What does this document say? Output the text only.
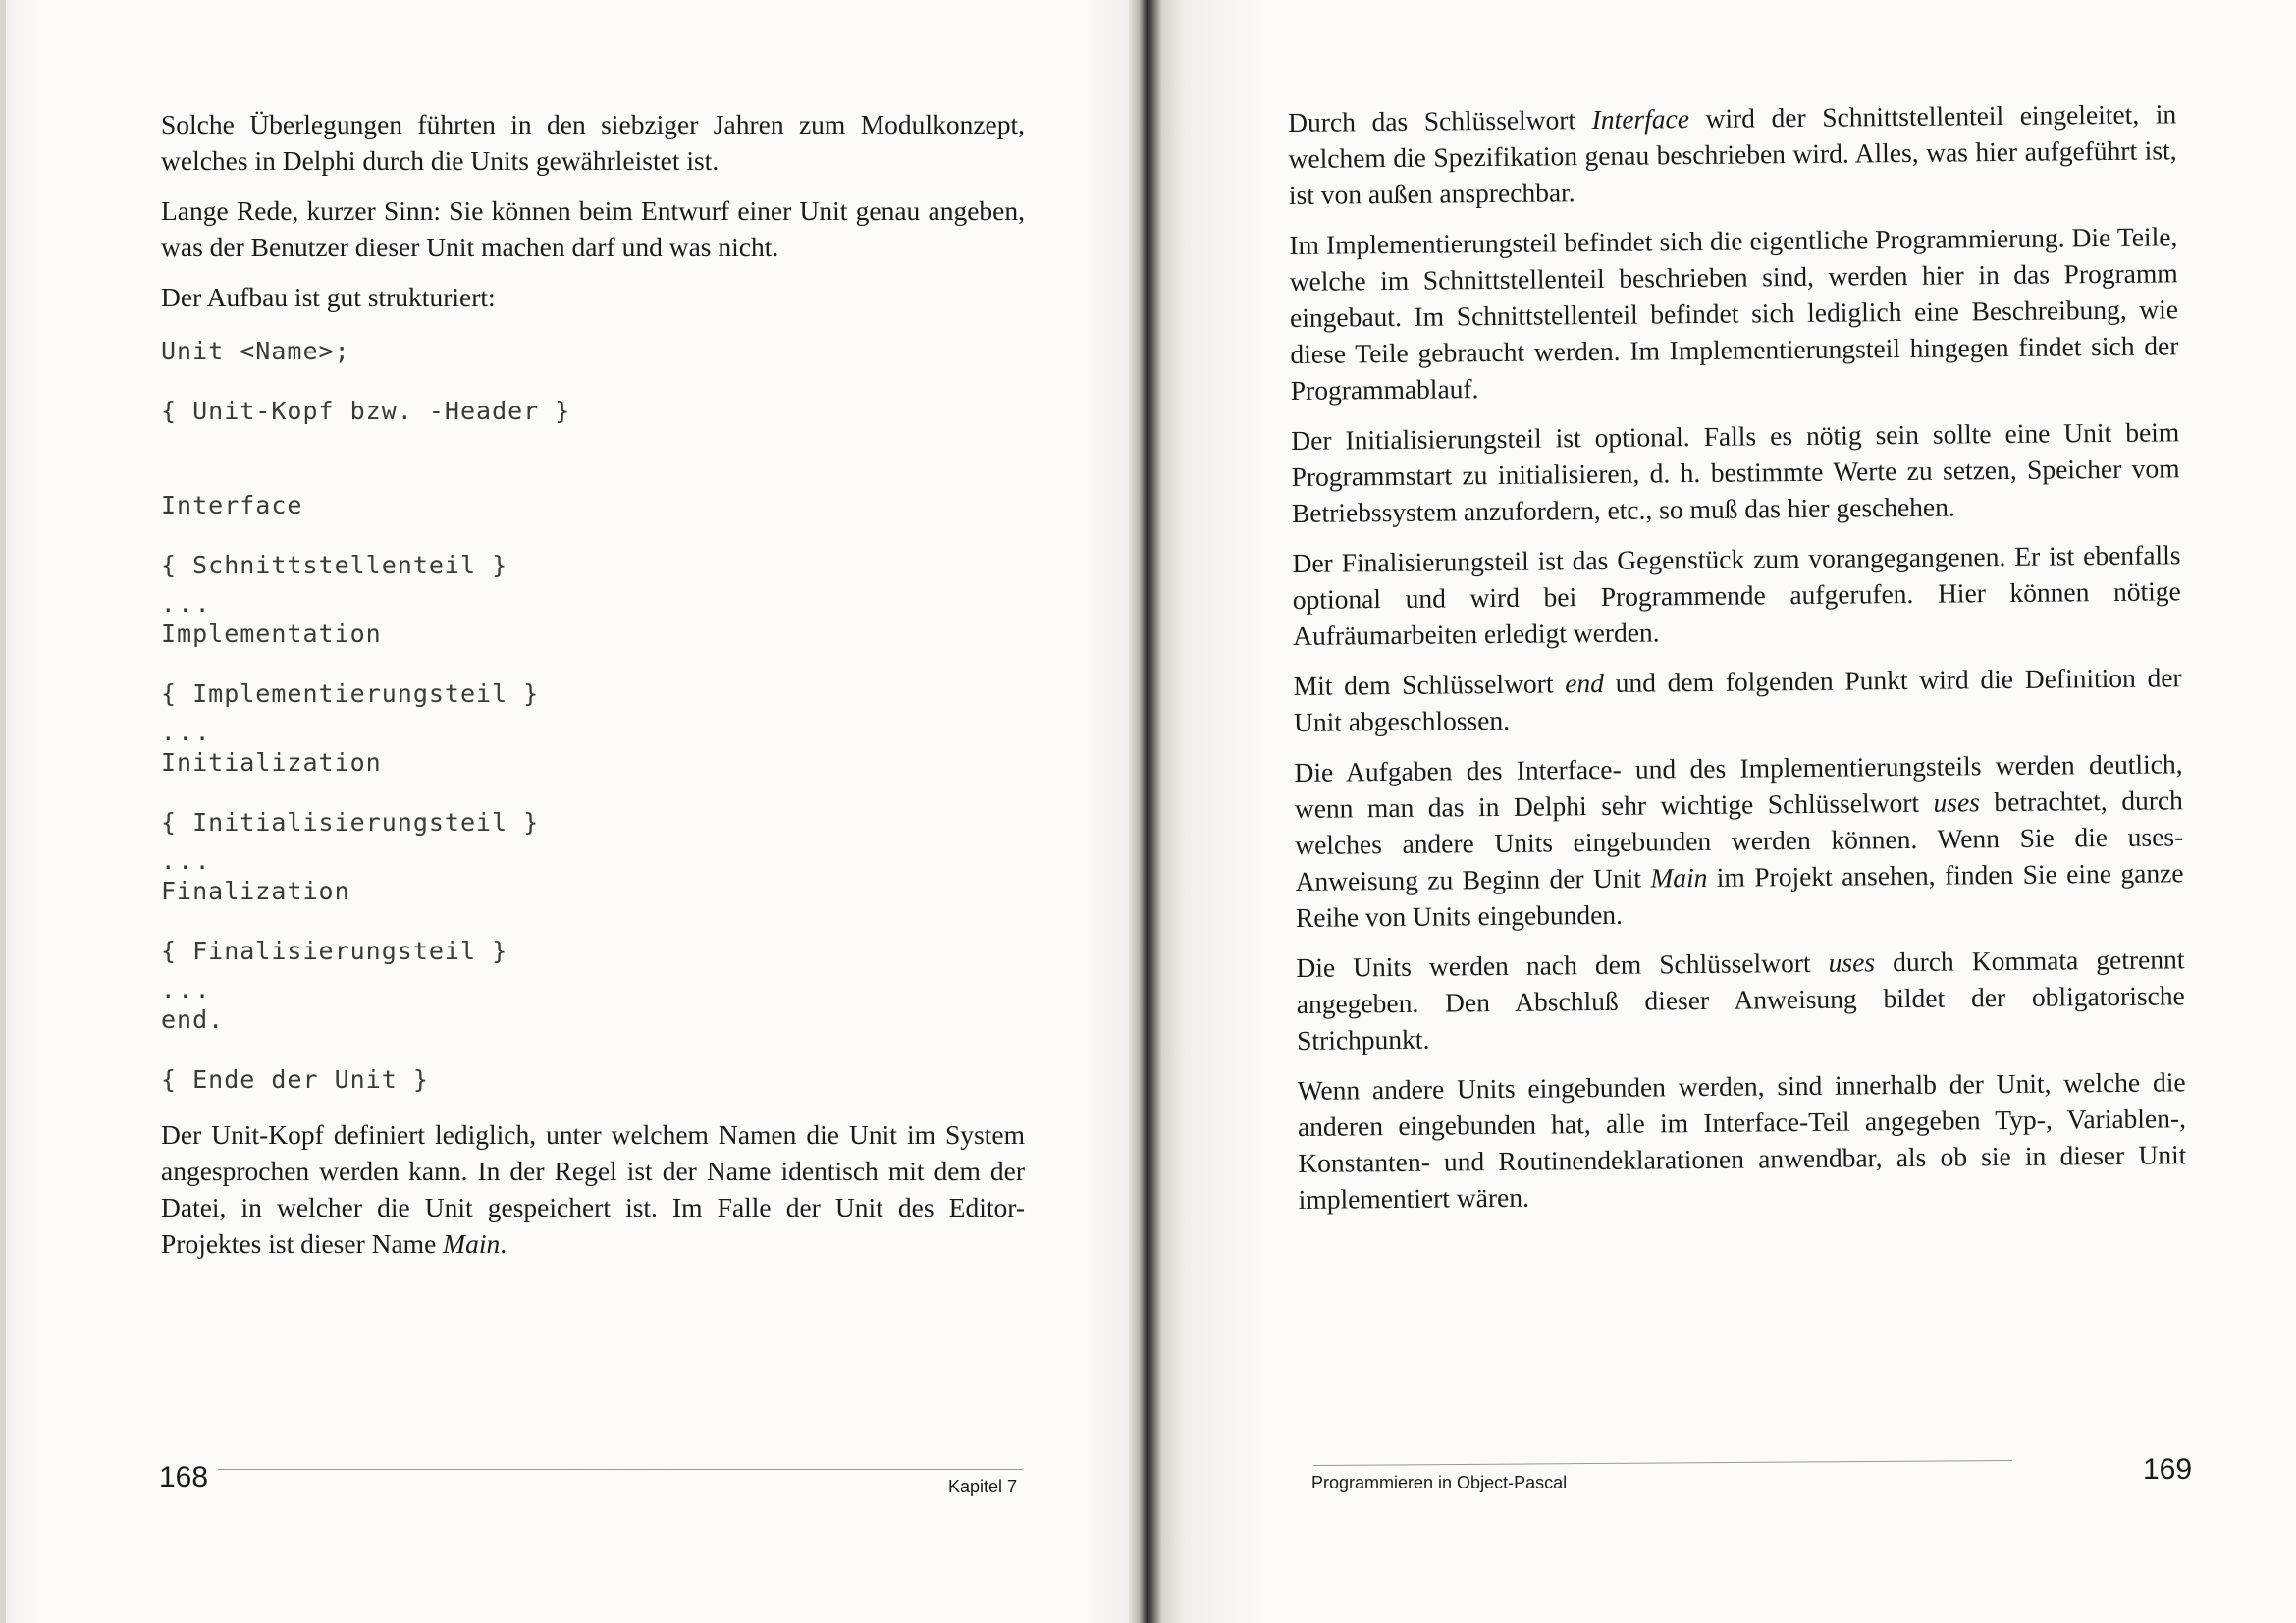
Solche Überlegungen führten in den siebziger Jahren zum Modulkonzept, welches in Delphi durch die Units gewährleistet ist.

Lange Rede, kurzer Sinn: Sie können beim Entwurf einer Unit genau angeben, was der Benutzer dieser Unit machen darf und was nicht.

Der Aufbau ist gut strukturiert:

Unit <Name>;
{ Unit-Kopf bzw. -Header }
Interface
{ Schnittstellenteil }
...
Implementation
{ Implementierungsteil }
...
Initialization
{ Initialisierungsteil }
...
Finalization
{ Finalisierungsteil }
...
end.
{ Ende der Unit }

Der Unit-Kopf definiert lediglich, unter welchem Namen die Unit im System angesprochen werden kann. In der Regel ist der Name identisch mit dem der Datei, in welcher die Unit gespeichert ist. Im Falle der Unit des Editor-Projektes ist dieser Name Main.

168	Kapitel 7

Durch das Schlüsselwort Interface wird der Schnittstellenteil eingeleitet, in welchem die Spezifikation genau beschrieben wird. Alles, was hier aufgeführt ist, ist von außen ansprechbar.

Im Implementierungsteil befindet sich die eigentliche Programmierung. Die Teile, welche im Schnittstellenteil beschrieben sind, werden hier in das Programm eingebaut. Im Schnittstellenteil befindet sich lediglich eine Beschreibung, wie diese Teile gebraucht werden. Im Implementierungsteil hingegen findet sich der Programmablauf.

Der Initialisierungsteil ist optional. Falls es nötig sein sollte eine Unit beim Programmstart zu initialisieren, d. h. bestimmte Werte zu setzen, Speicher vom Betriebssystem anzufordern, etc., so muß das hier geschehen.

Der Finalisierungsteil ist das Gegenstück zum vorangegangenen. Er ist ebenfalls optional und wird bei Programmende aufgerufen. Hier können nötige Aufräumarbeiten erledigt werden.

Mit dem Schlüsselwort end und dem folgenden Punkt wird die Definition der Unit abgeschlossen.

Die Aufgaben des Interface- und des Implementierungsteils werden deutlich, wenn man das in Delphi sehr wichtige Schlüsselwort uses betrachtet, durch welches andere Units eingebunden werden können. Wenn Sie die uses-Anweisung zu Beginn der Unit Main im Projekt ansehen, finden Sie eine ganze Reihe von Units eingebunden.

Die Units werden nach dem Schlüsselwort uses durch Kommata getrennt angegeben. Den Abschluß dieser Anweisung bildet der obligatorische Strichpunkt.

Wenn andere Units eingebunden werden, sind innerhalb der Unit, welche die anderen eingebunden hat, alle im Interface-Teil angegeben Typ-, Variablen-, Konstanten- und Routinendeklarationen anwendbar, als ob sie in dieser Unit implementiert wären.

Programmieren in Object-Pascal	169
